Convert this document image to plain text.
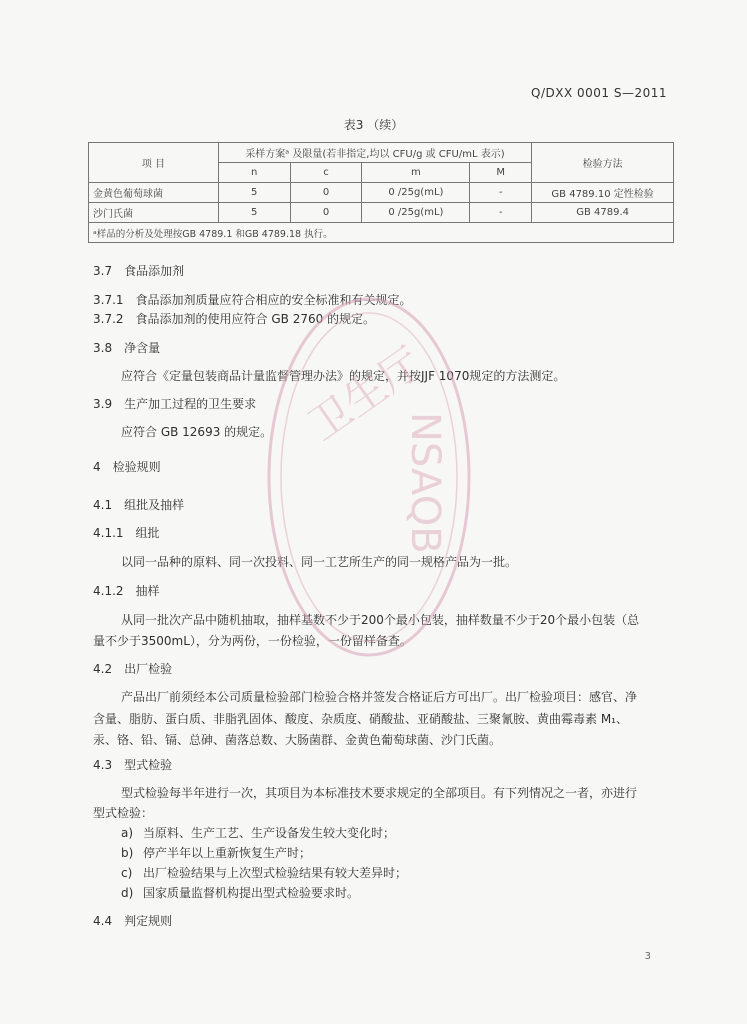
Q/DXX 0001 S—2011
表3 （续）
项 目	采样方案ᵃ 及限量(若非指定,均以 CFU/g 或 CFU/mL 表示)				检验方法
	n	c	m	M	
金黄色葡萄球菌	5	0	0 /25g(mL)	-	GB 4789.10 定性检验
沙门氏菌	5	0	0 /25g(mL)	-	GB 4789.4
ᵃ样品的分析及处理按GB 4789.1 和GB 4789.18 执行。					
3.7 食品添加剂
3.7.1 食品添加剂质量应符合相应的安全标准和有关规定。
3.7.2 食品添加剂的使用应符合 GB 2760 的规定。
3.8 净含量
应符合《定量包装商品计量监督管理办法》的规定，并按JJF 1070规定的方法测定。
3.9 生产加工过程的卫生要求
应符合 GB 12693 的规定。
4 检验规则
4.1 组批及抽样
4.1.1 组批
以同一品种的原料、同一次投料、同一工艺所生产的同一规格产品为一批。
4.1.2 抽样
从同一批次产品中随机抽取，抽样基数不少于200个最小包装，抽样数量不少于20个最小包装（总
量不少于3500mL），分为两份，一份检验，一份留样备查。
4.2 出厂检验
产品出厂前须经本公司质量检验部门检验合格并签发合格证后方可出厂。出厂检验项目：感官、净
含量、脂肪、蛋白质、非脂乳固体、酸度、杂质度、硝酸盐、亚硝酸盐、三聚氰胺、黄曲霉毒素 M₁、
汞、铬、铅、镉、总砷、菌落总数、大肠菌群、金黄色葡萄球菌、沙门氏菌。
4.3 型式检验
型式检验每半年进行一次，其项目为本标准技术要求规定的全部项目。有下列情况之一者，亦进行
型式检验：
a) 当原料、生产工艺、生产设备发生较大变化时；
b) 停产半年以上重新恢复生产时；
c) 出厂检验结果与上次型式检验结果有较大差异时；
d) 国家质量监督机构提出型式检验要求时。
4.4 判定规则
3
卫生厅
NSAQB
